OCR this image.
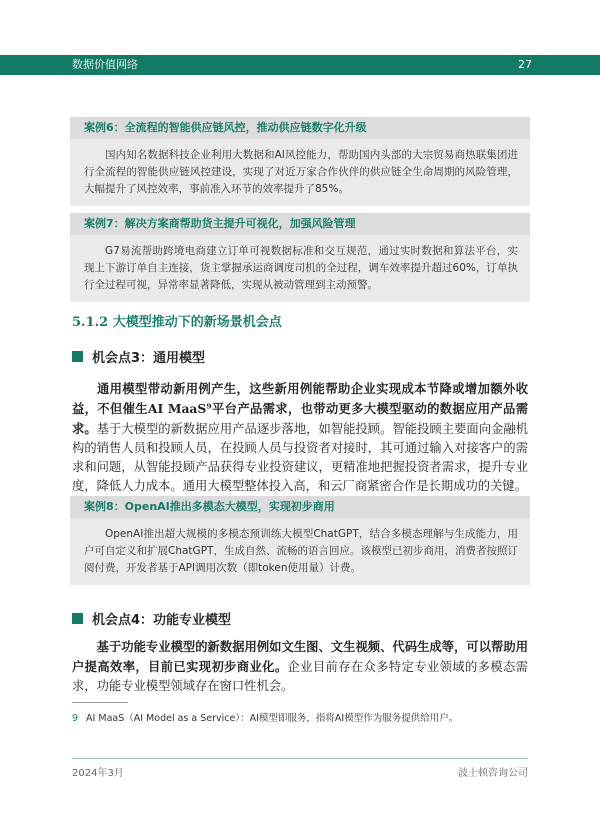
数据价值网络	27
案例6：全流程的智能供应链风控，推动供应链数字化升级
国内知名数据科技企业利用大数据和AI风控能力，帮助国内头部的大宗贸易商热联集团进行全流程的智能供应链风控建设，实现了对近万家合作伙伴的供应链全生命周期的风险管理，大幅提升了风控效率，事前准入环节的效率提升了85%。
案例7：解决方案商帮助货主提升可视化，加强风险管理
G7易流帮助跨境电商建立订单可视数据标准和交互规范，通过实时数据和算法平台，实现上下游订单自主连接，货主掌握承运商调度司机的全过程，调车效率提升超过60%，订单执行全过程可视，异常率显著降低，实现从被动管理到主动预警。
5.1.2 大模型推动下的新场景机会点
机会点3：通用模型
通用模型带动新用例产生，这些新用例能帮助企业实现成本节降或增加额外收益，不但催生AI MaaS⁹平台产品需求，也带动更多大模型驱动的数据应用产品需求。基于大模型的新数据应用产品逐步落地，如智能投顾。智能投顾主要面向金融机构的销售人员和投顾人员，在投顾人员与投资者对接时，其可通过输入对接客户的需求和问题，从智能投顾产品获得专业投资建议，更精准地把握投资者需求，提升专业度，降低人力成本。通用大模型整体投入高，和云厂商紧密合作是长期成功的关键。
案例8：OpenAI推出多模态大模型，实现初步商用
OpenAI推出超大规模的多模态预训练大模型ChatGPT，结合多模态理解与生成能力，用户可自定义和扩展ChatGPT，生成自然、流畅的语言回应。该模型已初步商用，消费者按照订阅付费，开发者基于API调用次数（即token使用量）计费。
机会点4：功能专业模型
基于功能专业模型的新数据用例如文生图、文生视频、代码生成等，可以帮助用户提高效率，目前已实现初步商业化。企业目前存在众多特定专业领域的多模态需求，功能专业模型领域存在窗口性机会。
9 AI MaaS（AI Model as a Service）：AI模型即服务，指将AI模型作为服务提供给用户。
2024年3月	波士顿咨询公司
